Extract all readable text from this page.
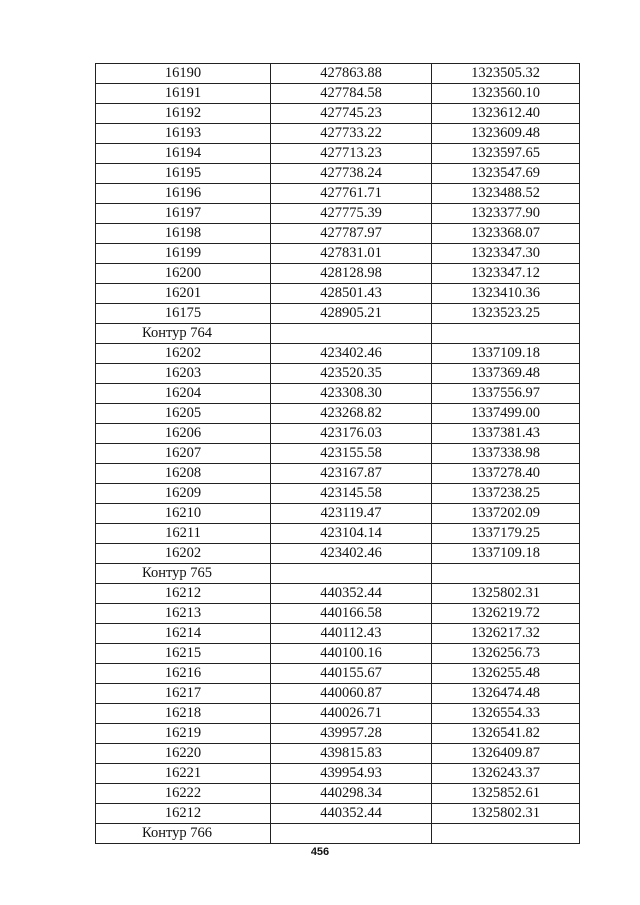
16190	427863.88	1323505.32
16191	427784.58	1323560.10
16192	427745.23	1323612.40
16193	427733.22	1323609.48
16194	427713.23	1323597.65
16195	427738.24	1323547.69
16196	427761.71	1323488.52
16197	427775.39	1323377.90
16198	427787.97	1323368.07
16199	427831.01	1323347.30
16200	428128.98	1323347.12
16201	428501.43	1323410.36
16175	428905.21	1323523.25
Контур 764		
16202	423402.46	1337109.18
16203	423520.35	1337369.48
16204	423308.30	1337556.97
16205	423268.82	1337499.00
16206	423176.03	1337381.43
16207	423155.58	1337338.98
16208	423167.87	1337278.40
16209	423145.58	1337238.25
16210	423119.47	1337202.09
16211	423104.14	1337179.25
16202	423402.46	1337109.18
Контур 765		
16212	440352.44	1325802.31
16213	440166.58	1326219.72
16214	440112.43	1326217.32
16215	440100.16	1326256.73
16216	440155.67	1326255.48
16217	440060.87	1326474.48
16218	440026.71	1326554.33
16219	439957.28	1326541.82
16220	439815.83	1326409.87
16221	439954.93	1326243.37
16222	440298.34	1325852.61
16212	440352.44	1325802.31
Контур 766		
456
